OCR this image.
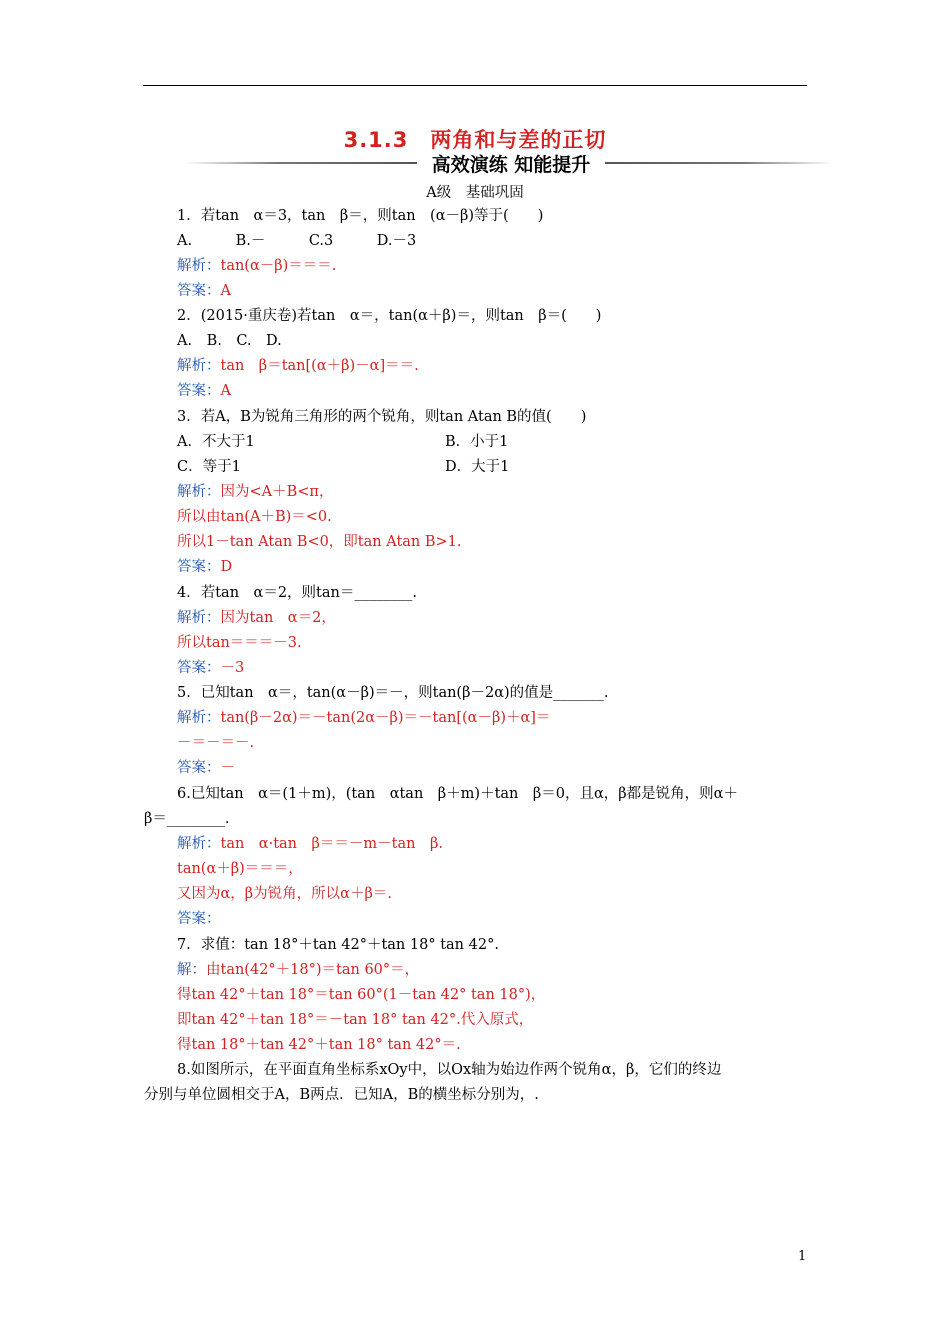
3.1.3　两角和与差的正切
高效演练 知能提升
A级　基础巩固
1．若tan　α＝3，tan　β＝，则tan　(α－β)等于(　　)
A.　　　B.－　　　C.3　　　D.－3
解析：tan(α－β)＝＝＝.
答案：A
2．(2015·重庆卷)若tan　α＝，tan(α＋β)＝，则tan　β＝(　　)
A.　B.　C.　D.
解析：tan　β＝tan[(α＋β)－α]＝＝.
答案：A
3．若A，B为锐角三角形的两个锐角，则tan Atan B的值(　　)
A．不大于1	B．小于1
C．等于1	D．大于1
解析：因为<A＋B<π，
所以由tan(A＋B)＝<0.
所以1－tan Atan B<0，即tan Atan B>1.
答案：D
4．若tan　α＝2，则tan＝________.
解析：因为tan　α＝2，
所以tan＝＝＝－3.
答案：－3
5．已知tan　α＝，tan(α－β)＝－，则tan(β－2α)的值是_______.
解析：tan(β－2α)＝－tan(2α－β)＝－tan[(α－β)＋α]＝
－＝－＝－.
答案：－
6.已知tan　α＝(1＋m)，(tan　αtan　β＋m)＋tan　β＝0，且α，β都是锐角，则α＋
β＝________.
解析：tan　α·tan　β＝＝－m－tan　β.
tan(α＋β)＝＝＝，
又因为α，β为锐角，所以α＋β＝.
答案：
7．求值：tan 18°＋tan 42°＋tan 18° tan 42°.
解：由tan(42°＋18°)＝tan 60°＝，
得tan 42°＋tan 18°＝tan 60°(1－tan 42° tan 18°)，
即tan 42°＋tan 18°＝－tan 18° tan 42°.代入原式，
得tan 18°＋tan 42°＋tan 18° tan 42°＝.
8.如图所示，在平面直角坐标系xOy中，以Ox轴为始边作两个锐角α，β，它们的终边
分别与单位圆相交于A，B两点．已知A，B的横坐标分别为，.
1
